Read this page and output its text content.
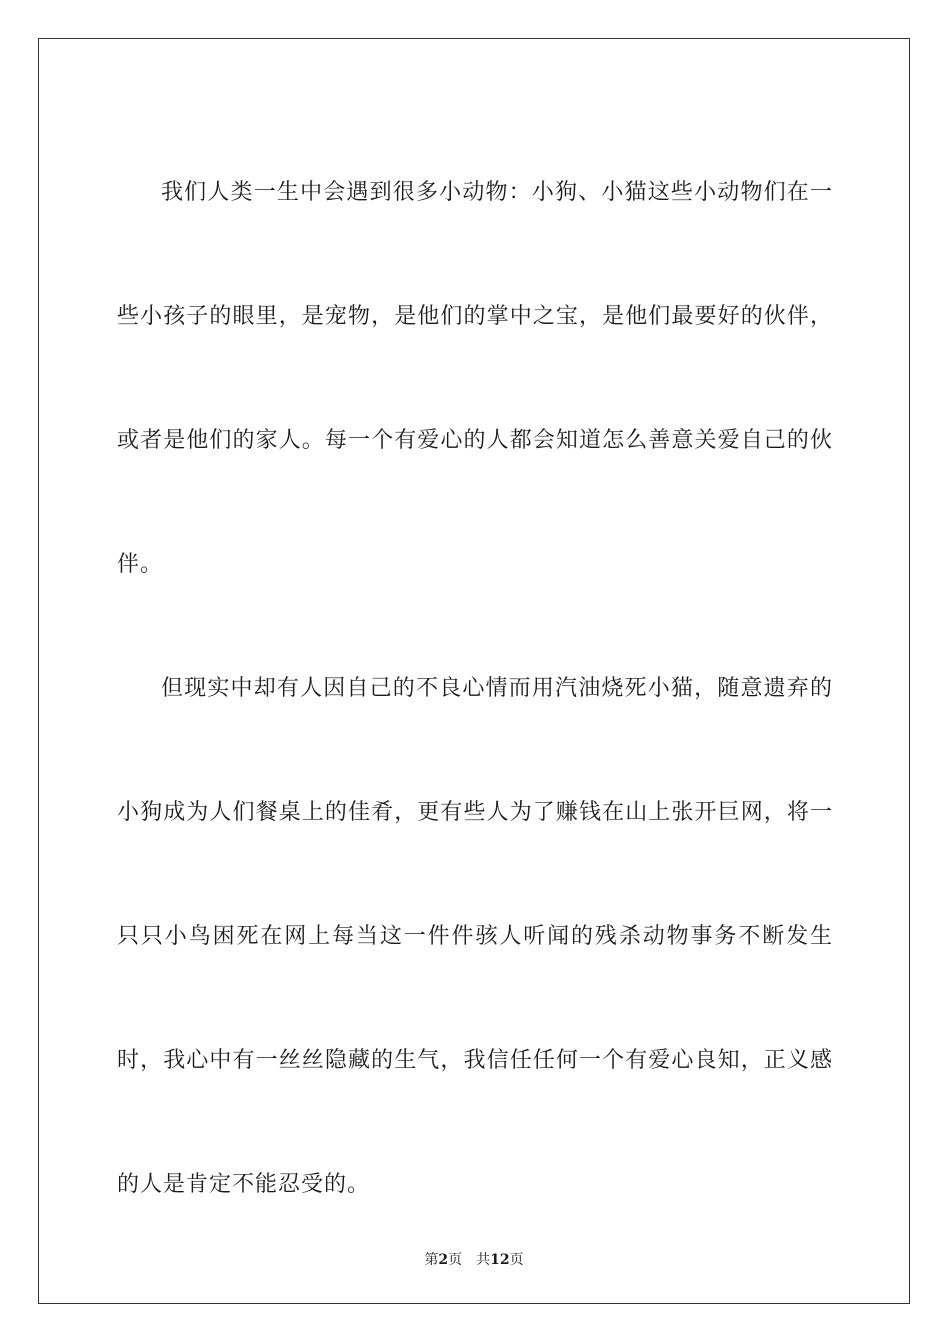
我们人类一生中会遇到很多小动物：小狗、小猫这些小动物们在一些小孩子的眼里，是宠物，是他们的掌中之宝，是他们最要好的伙伴，或者是他们的家人。每一个有爱心的人都会知道怎么善意关爱自己的伙伴。

但现实中却有人因自己的不良心情而用汽油烧死小猫，随意遗弃的小狗成为人们餐桌上的佳肴，更有些人为了赚钱在山上张开巨网，将一只只小鸟困死在网上每当这一件件骇人听闻的残杀动物事务不断发生时，我心中有一丝丝隐藏的生气，我信任任何一个有爱心良知，正义感的人是肯定不能忍受的。

第2页 共12页
